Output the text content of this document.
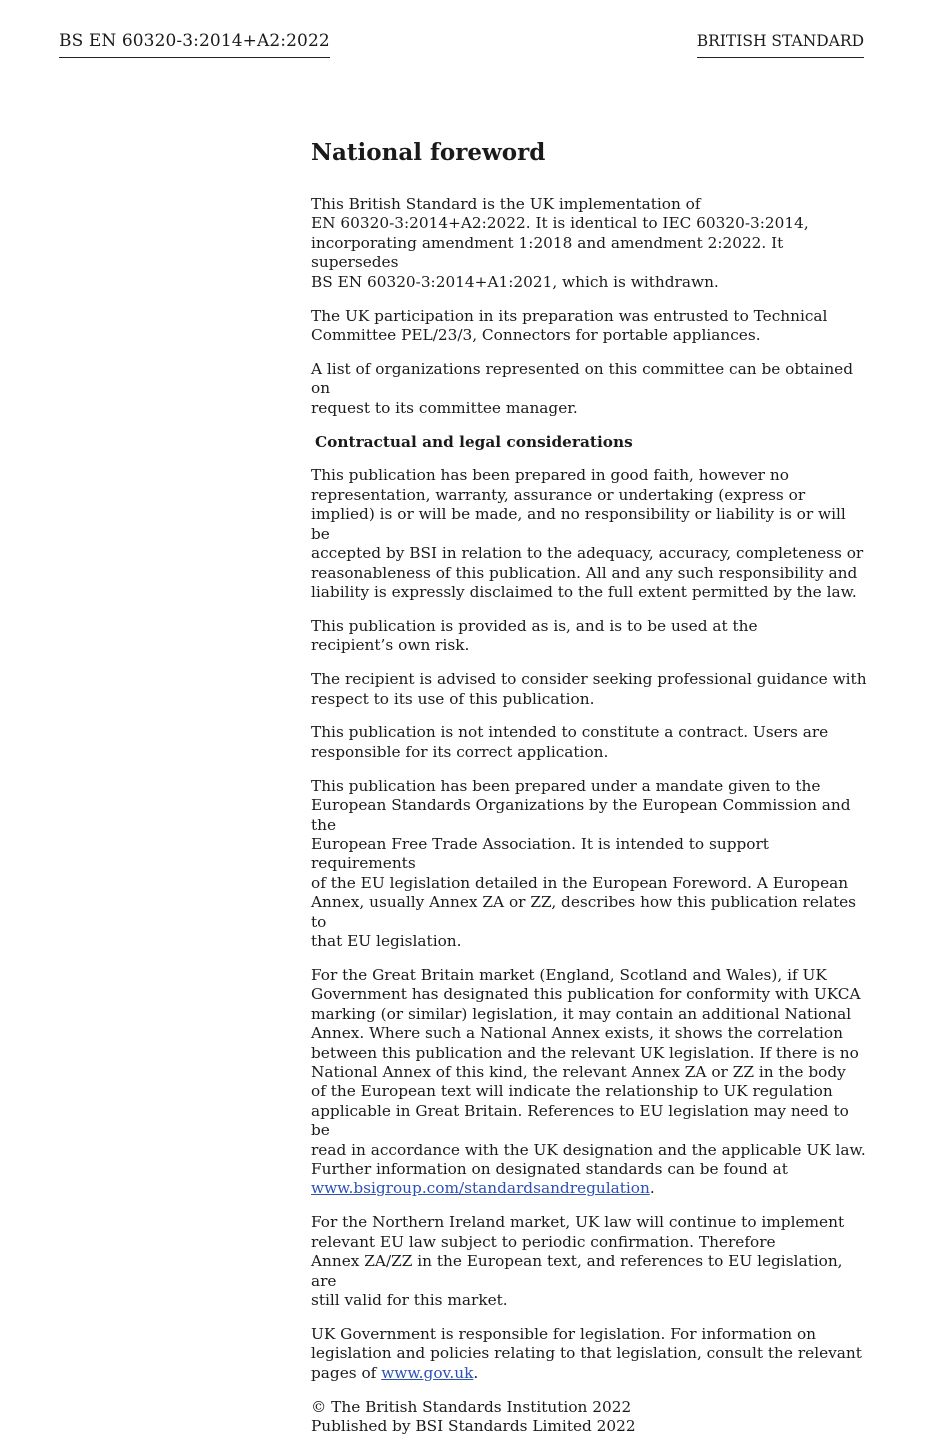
BS EN 60320-3:2014+A2:2022	BRITISH STANDARD
National foreword

This British Standard is the UK implementation of
EN 60320-3:2014+A2:2022. It is identical to IEC 60320-3:2014,
incorporating amendment 1:2018 and amendment 2:2022. It supersedes
BS EN 60320-3:2014+A1:2021, which is withdrawn.

The UK participation in its preparation was entrusted to Technical
Committee PEL/23/3, Connectors for portable appliances.

A list of organizations represented on this committee can be obtained on
request to its committee manager.

Contractual and legal considerations

This publication has been prepared in good faith, however no
representation, warranty, assurance or undertaking (express or
implied) is or will be made, and no responsibility or liability is or will be
accepted by BSI in relation to the adequacy, accuracy, completeness or
reasonableness of this publication. All and any such responsibility and
liability is expressly disclaimed to the full extent permitted by the law.

This publication is provided as is, and is to be used at the
recipient’s own risk.

The recipient is advised to consider seeking professional guidance with
respect to its use of this publication.

This publication is not intended to constitute a contract. Users are
responsible for its correct application.

This publication has been prepared under a mandate given to the
European Standards Organizations by the European Commission and the
European Free Trade Association. It is intended to support requirements
of the EU legislation detailed in the European Foreword. A European
Annex, usually Annex ZA or ZZ, describes how this publication relates to
that EU legislation.

For the Great Britain market (England, Scotland and Wales), if UK
Government has designated this publication for conformity with UKCA
marking (or similar) legislation, it may contain an additional National
Annex. Where such a National Annex exists, it shows the correlation
between this publication and the relevant UK legislation. If there is no
National Annex of this kind, the relevant Annex ZA or ZZ in the body
of the European text will indicate the relationship to UK regulation
applicable in Great Britain. References to EU legislation may need to be
read in accordance with the UK designation and the applicable UK law.
Further information on designated standards can be found at
www.bsigroup.com/standardsandregulation.

For the Northern Ireland market, UK law will continue to implement
relevant EU law subject to periodic confirmation. Therefore
Annex ZA/ZZ in the European text, and references to EU legislation, are
still valid for this market.

UK Government is responsible for legislation. For information on
legislation and policies relating to that legislation, consult the relevant
pages of www.gov.uk.

© The British Standards Institution 2022
Published by BSI Standards Limited 2022
